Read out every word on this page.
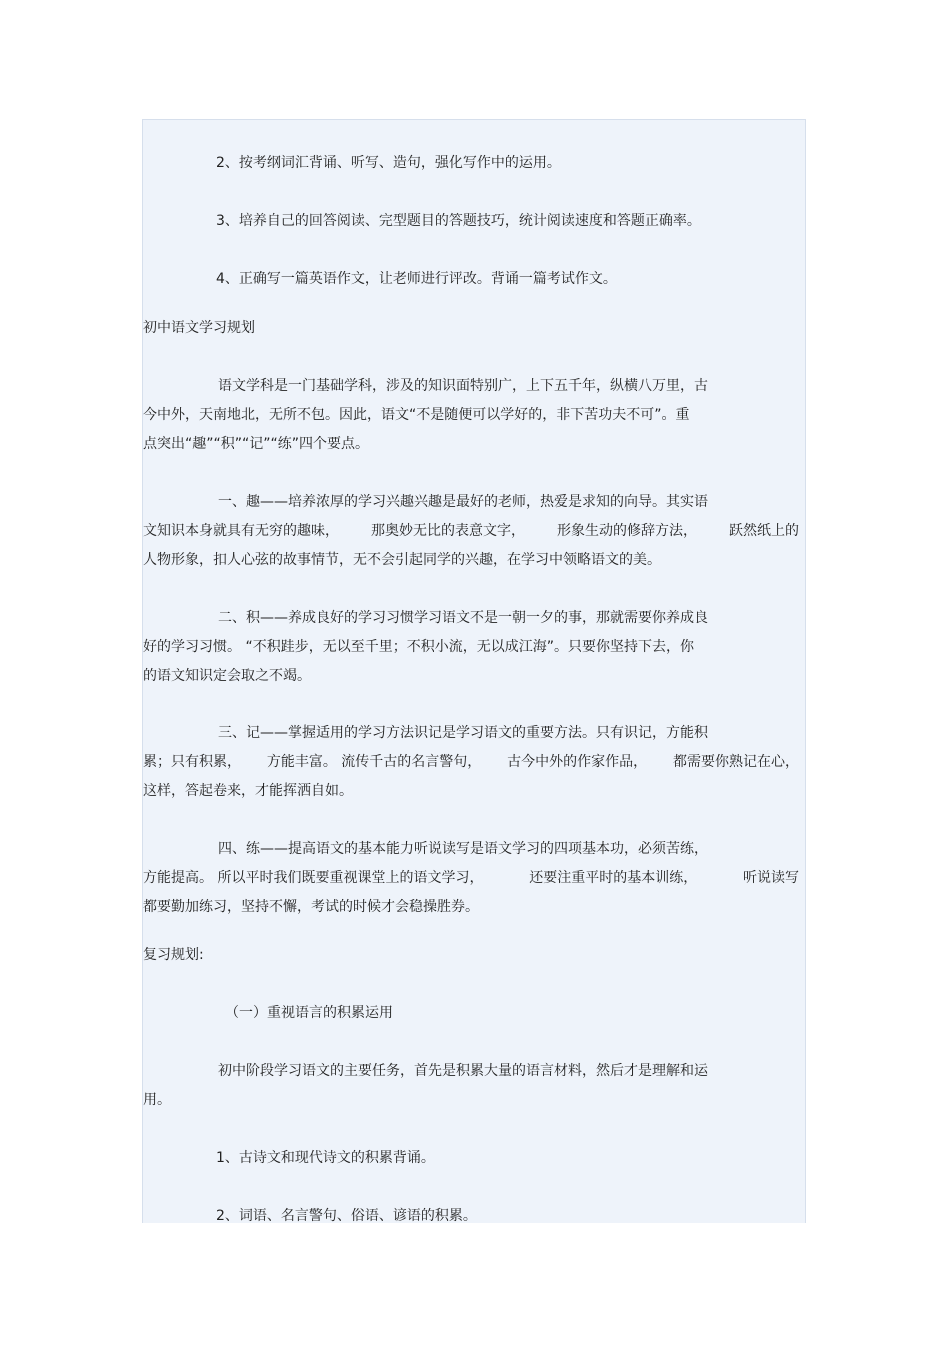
2、按考纲词汇背诵、听写、造句，强化写作中的运用。
3、培养自己的回答阅读、完型题目的答题技巧，统计阅读速度和答题正确率。
4、正确写一篇英语作文，让老师进行评改。背诵一篇考试作文。
初中语文学习规划
语文学科是一门基础学科，涉及的知识面特别广，上下五千年，纵横八万里，古
今中外，天南地北，无所不包。因此，语文“不是随便可以学好的，非下苦功夫不可”。重
点突出“趣”“积”“记”“练”四个要点。
一、趣——培养浓厚的学习兴趣兴趣是最好的老师，热爱是求知的向导。其实语
文知识本身就具有无穷的趣味， 那奥妙无比的表意文字， 形象生动的修辞方法， 跃然纸上的
人物形象，扣人心弦的故事情节，无不会引起同学的兴趣，在学习中领略语文的美。
二、积——养成良好的学习习惯学习语文不是一朝一夕的事，那就需要你养成良
好的学习习惯。 “不积跬步，无以至千里；不积小流，无以成江海”。只要你坚持下去，你
的语文知识定会取之不竭。
三、记——掌握适用的学习方法识记是学习语文的重要方法。只有识记，方能积
累；只有积累， 方能丰富。 流传千古的名言警句， 古今中外的作家作品， 都需要你熟记在心，
这样，答起卷来，才能挥洒自如。
四、练——提高语文的基本能力听说读写是语文学习的四项基本功，必须苦练，
方能提高。 所以平时我们既要重视课堂上的语文学习，	还要注重平时的基本训练，	听说读写
都要勤加练习，坚持不懈，考试的时候才会稳操胜券。
复习规划:
（一）重视语言的积累运用
初中阶段学习语文的主要任务，首先是积累大量的语言材料，然后才是理解和运
用。
1、古诗文和现代诗文的积累背诵。
2、词语、名言警句、俗语、谚语的积累。
